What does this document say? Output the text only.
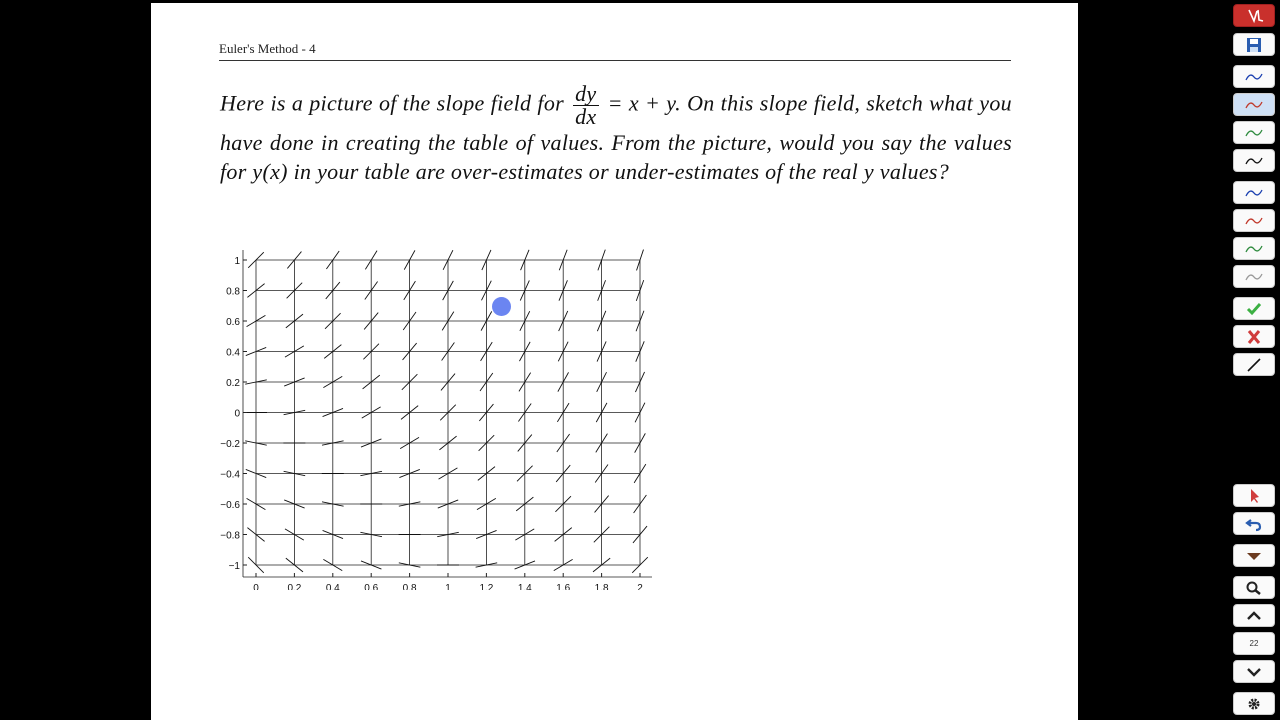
Euler's Method - 4
Here is a picture of the slope field for $\frac{dy}{dx} = x + y$. On this slope field, sketch what you have done in creating the table of values. From the picture, would you say the values for y(x) in your table are over-estimates or under-estimates of the real y values?
0	0.2 0.4 0.6 0.8	1	1.2 1.4 1.6 1.8	2
1
0.8
0.6
0.4
0.2
0
−0.2
−0.4
−0.6
−0.8
−1
22
